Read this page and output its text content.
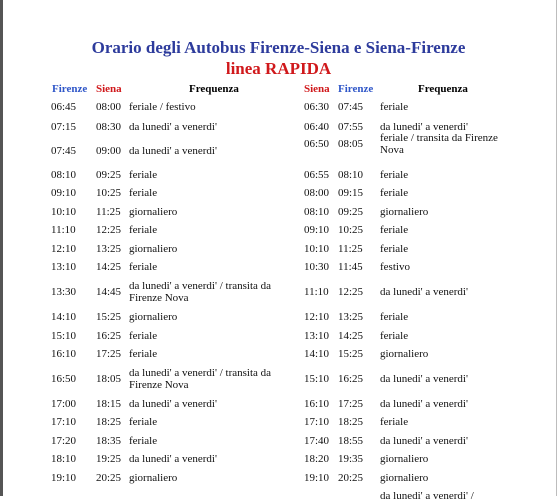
Orario degli Autobus Firenze-Siena e Siena-Firenze
linea RAPIDA
Firenze Siena	Frequenza	Siena Firenze	Frequenza
06:45 08:00 feriale / festivo
07:15 08:30 da lunedi' a venerdi'
07:45 09:00 da lunedi' a venerdi'
08:10 09:25 feriale
09:10 10:25 feriale
10:10 11:25 giornaliero
11:10 12:25 feriale
12:10 13:25 giornaliero
13:10 14:25 feriale
13:30 14:45 da lunedi' a venerdi' / transita da Firenze Nova
14:10 15:25 giornaliero
15:10 16:25 feriale
16:10 17:25 feriale
16:50 18:05 da lunedi' a venerdi' / transita da Firenze Nova
17:00 18:15 da lunedi' a venerdi'
17:10 18:25 feriale
17:20 18:35 feriale
18:10 19:25 da lunedi' a venerdi'
19:10 20:25 giornaliero
06:30 07:45 feriale
06:40 07:55 da lunedi' a venerdi'
06:50 08:05 feriale / transita da Firenze Nova
06:55 08:10 feriale
08:00 09:15 feriale
08:10 09:25 giornaliero
09:10 10:25 feriale
10:10 11:25 feriale
10:30 11:45 festivo
11:10 12:25 da lunedi' a venerdi'
12:10 13:25 feriale
13:10 14:25 feriale
14:10 15:25 giornaliero
15:10 16:25 da lunedi' a venerdi'
16:10 17:25 da lunedi' a venerdi'
17:10 18:25 feriale
17:40 18:55 da lunedi' a venerdi'
18:20 19:35 giornaliero
19:10 20:25 giornaliero
da lunedi' a venerdi' /
